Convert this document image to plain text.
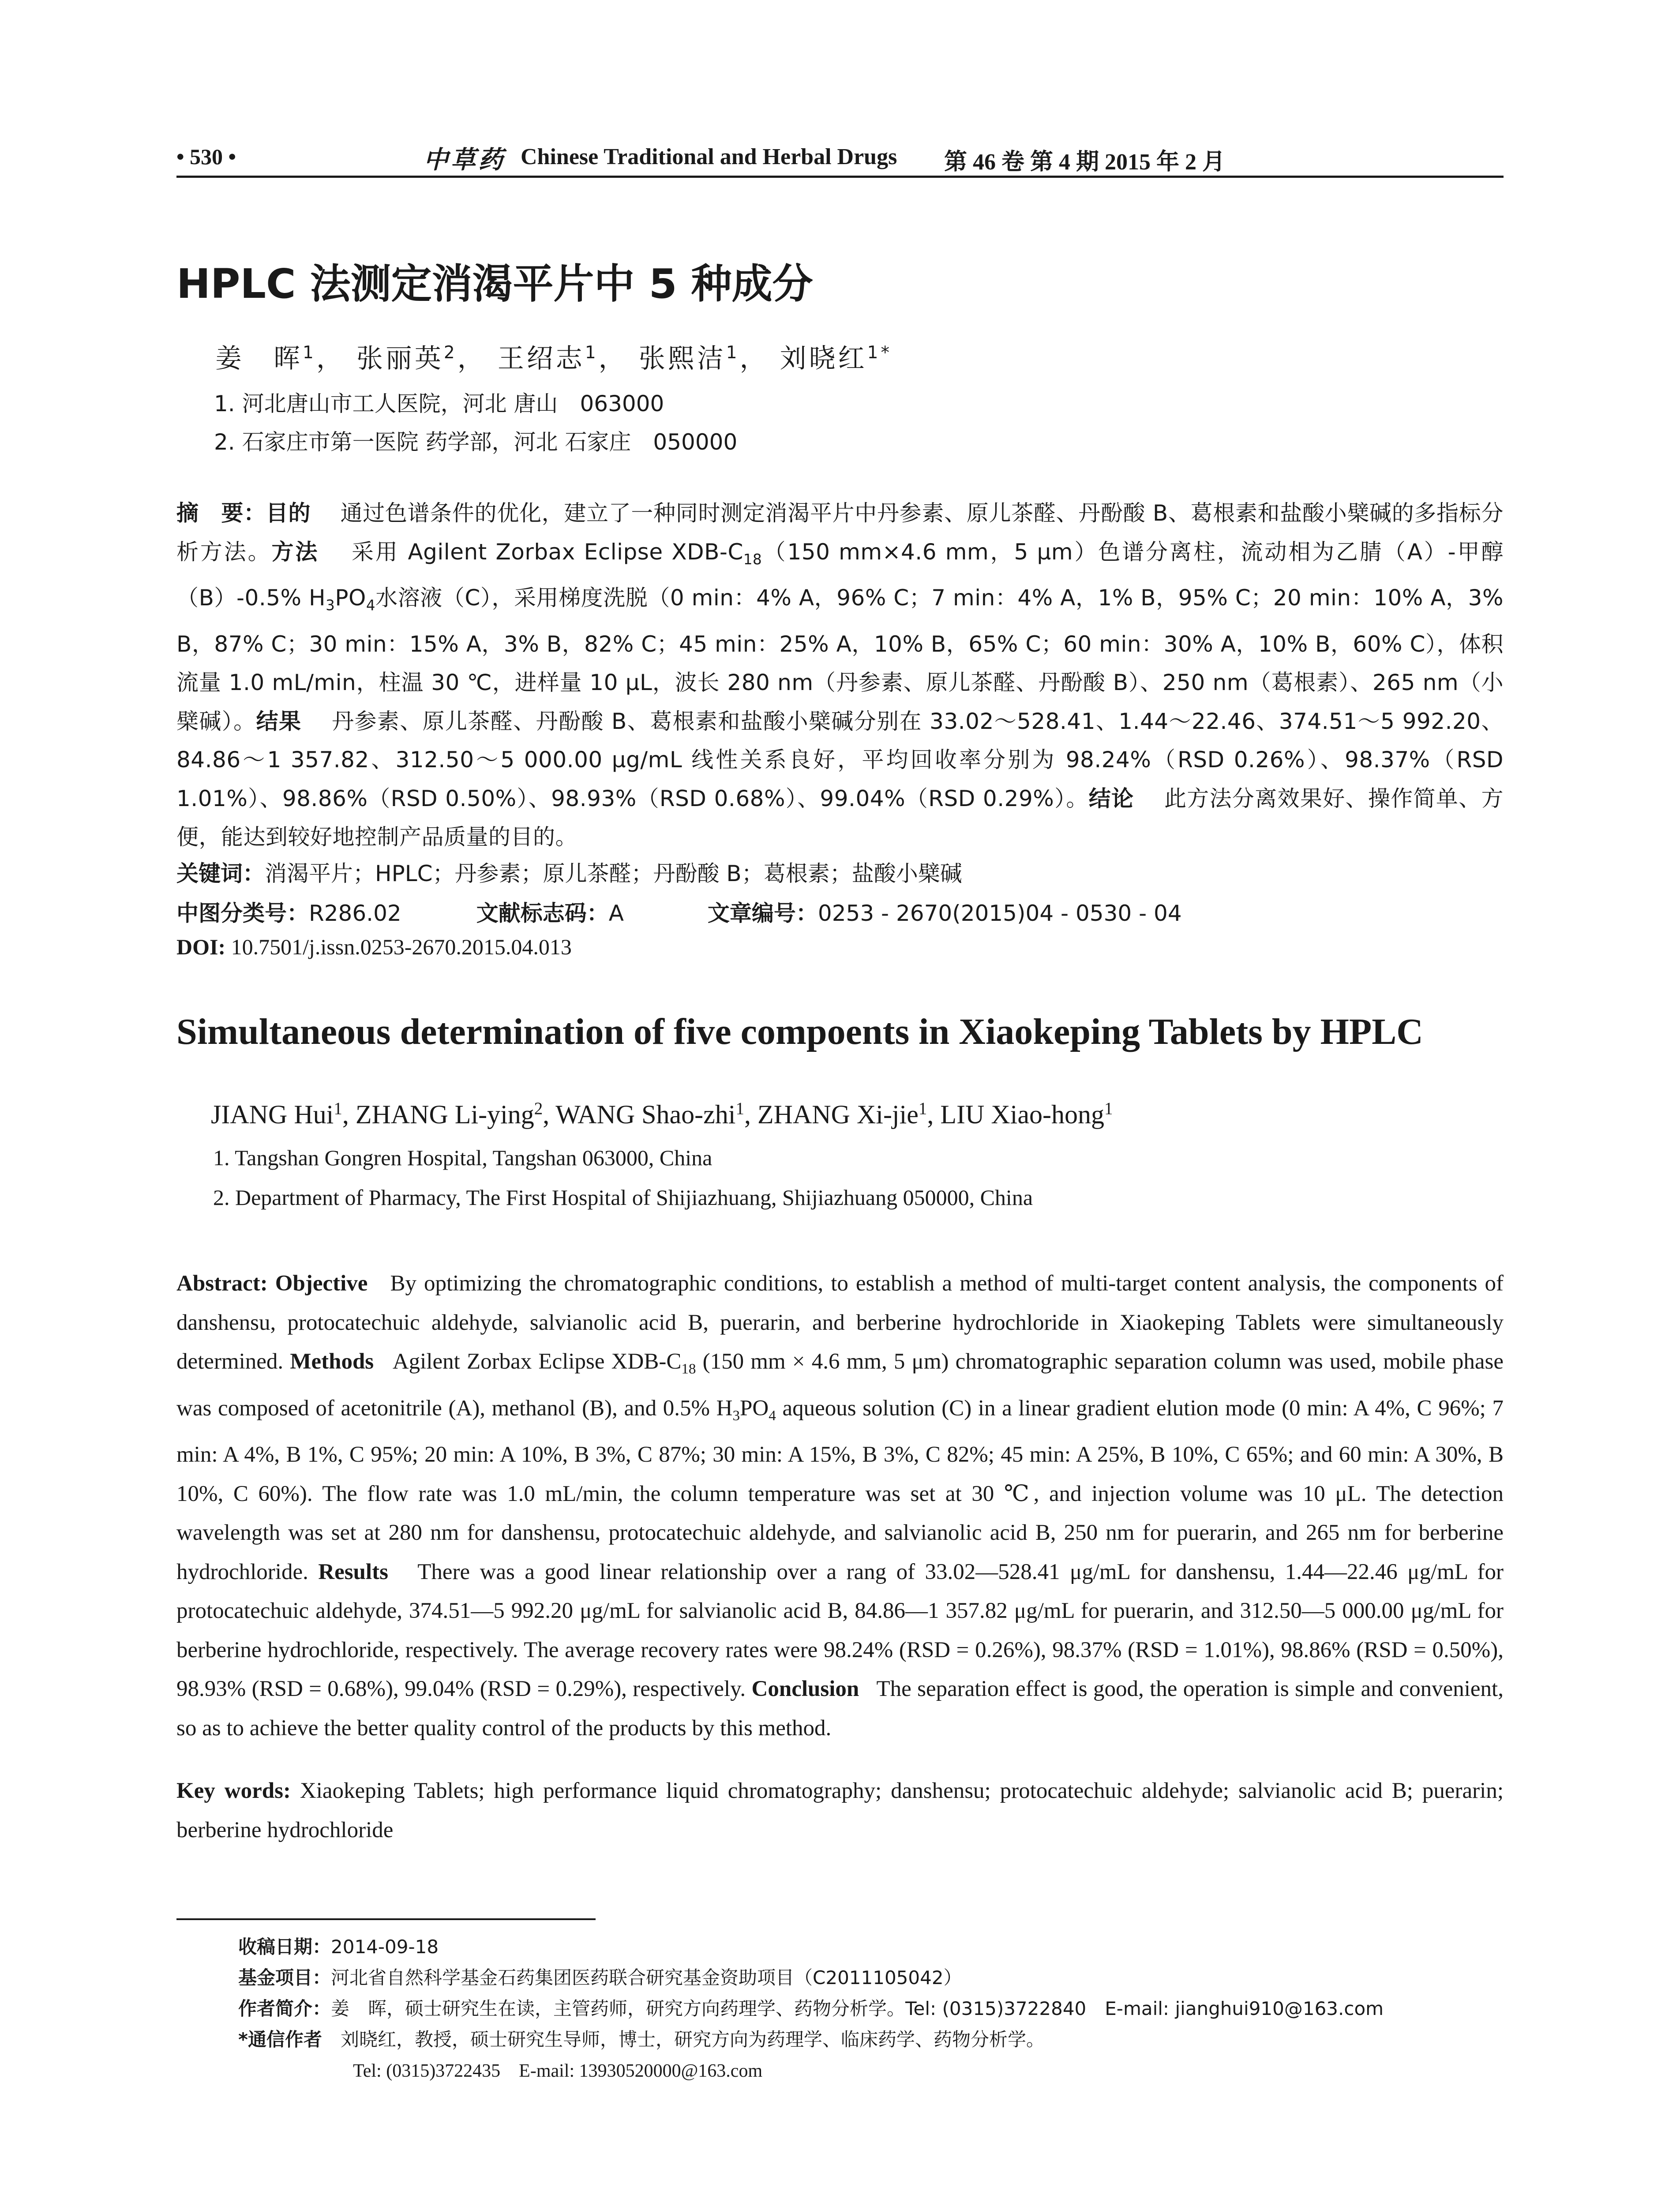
• 530 •	中草药 Chinese Traditional and Herbal Drugs 第 46 卷 第 4 期 2015 年 2 月
HPLC 法测定消渴平片中 5 种成分
姜　晖$^1$， 张丽英$^2$， 王绍志$^1$， 张熙洁$^1$， 刘晓红$^{1*}$
1. 河北唐山市工人医院，河北 唐山　063000
2. 石家庄市第一医院 药学部，河北 石家庄　050000
摘　要：目的　 通过色谱条件的优化，建立了一种同时测定消渴平片中丹参素、原儿茶醛、丹酚酸 B、葛根素和盐酸小檗碱的多指标分析方法。方法　 采用 Agilent Zorbax Eclipse XDB-$C_{18}(150$ mm×4.6 mm，5 μm）色谱分离柱，流动相为乙腈（A）-甲醇（B）-0.5% $H_3PO_4$水溶液（C），采用梯度洗脱（0 min：4% A，96% C；7 min：4% A，1% B，95% C；20 min：10% A，3% B，87% C；30 min：15% A，3% B，82% C；45 min：25% A，10% B，65% C；60 min：30% A，10% B，60% C），体积流量 1.0 mL/min，柱温 30 ℃，进样量 10 μL，波长 280 nm（丹参素、原儿茶醛、丹酚酸 B）、250 nm（葛根素）、265 nm（小檗碱）。结果　 丹参素、原儿茶醛、丹酚酸 B、葛根素和盐酸小檗碱分别在 33.02～528.41、1.44～22.46、374.51～5 992.20、84.86～1 357.82、312.50～5 000.00 μg/mL 线性关系良好，平均回收率分别为 98.24%（RSD 0.26%）、98.37%（RSD 1.01%）、98.86%（RSD 0.50%）、98.93%（RSD 0.68%）、99.04%（RSD 0.29%）。结论　 此方法分离效果好、操作简单、方便，能达到较好地控制产品质量的目的。
关键词：消渴平片；HPLC；丹参素；原儿茶醛；丹酚酸 B；葛根素；盐酸小檗碱
中图分类号：R286.02	文献标志码：A	文章编号：0253 - 2670(2015)04 - 0530 - 04
DOI: 10.7501/j.issn.0253-2670.2015.04.013
Simultaneous determination of five compoents in Xiaokeping Tablets by HPLC
JIANG Hui$^1$, ZHANG Li-ying$^2$, WANG Shao-zhi$^1$, ZHANG Xi-jie$^1$, LIU Xiao-hong$^1$
1. Tangshan Gongren Hospital, Tangshan 063000, China
2. Department of Pharmacy, The First Hospital of Shijiazhuang, Shijiazhuang 050000, China
Abstract: Objective By optimizing the chromatographic conditions, to establish a method of multi-target content analysis, the components of danshensu, protocatechuic aldehyde, salvianolic acid B, puerarin, and berberine hydrochloride in Xiaokeping Tablets were simultaneously determined. Methods Agilent Zorbax Eclipse XDB-$C_{18}$ (150 mm × 4.6 mm, 5 μm) chromatographic separation column was used, mobile phase was composed of acetonitrile (A), methanol (B), and 0.5% $H_3PO_4$ aqueous solution (C) in a linear gradient elution mode (0 min: A 4%, C 96%; 7 min: A 4%, B 1%, C 95%; 20 min: A 10%, B 3%, C 87%; 30 min: A 15%, B 3%, C 82%; 45 min: A 25%, B 10%, C 65%; and 60 min: A 30%, B 10%, C 60%). The flow rate was 1.0 mL/min, the column temperature was set at 30 ℃, and injection volume was 10 μL. The detection wavelength was set at 280 nm for danshensu, protocatechuic aldehyde, and salvianolic acid B, 250 nm for puerarin, and 265 nm for berberine hydrochloride. Results There was a good linear relationship over a rang of 33.02—528.41 μg/mL for danshensu, 1.44—22.46 μg/mL for protocatechuic aldehyde, 374.51—5 992.20 μg/mL for salvianolic acid B, 84.86—1 357.82 μg/mL for puerarin, and 312.50—5 000.00 μg/mL for berberine hydrochloride, respectively. The average recovery rates were 98.24% (RSD = 0.26%), 98.37% (RSD = 1.01%), 98.86% (RSD = 0.50%), 98.93% (RSD = 0.68%), 99.04% (RSD = 0.29%), respectively. Conclusion The separation effect is good, the operation is simple and convenient, so as to achieve the better quality control of the products by this method.
Key words: Xiaokeping Tablets; high performance liquid chromatography; danshensu; protocatechuic aldehyde; salvianolic acid B; puerarin; berberine hydrochloride
收稿日期：2014-09-18
基金项目：河北省自然科学基金石药集团医药联合研究基金资助项目（C2011105042）
作者简介：姜　晖，硕士研究生在读，主管药师，研究方向药理学、药物分析学。Tel: (0315)3722840　E-mail: jianghui910@163.com
*通信作者　 刘晓红，教授，硕士研究生导师，博士，研究方向为药理学、临床药学、药物分析学。
Tel: (0315)3722435　E-mail: 13930520000@163.com
